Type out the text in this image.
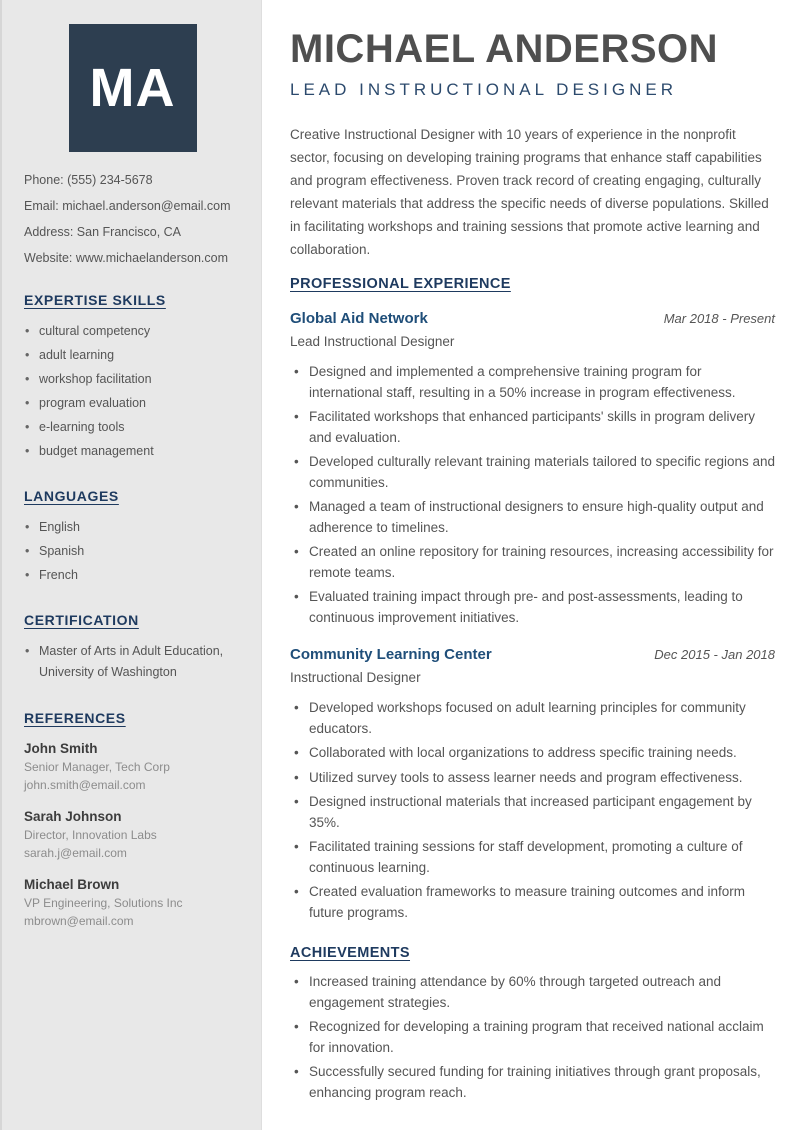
MA

Phone: (555) 234-5678

Email: michael.anderson@email.com

Address: San Francisco, CA

Website: www.michaelanderson.com

EXPERTISE SKILLS
• cultural competency
• adult learning
• workshop facilitation
• program evaluation
• e-learning tools
• budget management
LANGUAGES
• English
• Spanish
• French
CERTIFICATION
• Master of Arts in Adult Education, University of Washington
REFERENCES
John Smith
Senior Manager, Tech Corp
john.smith@email.com
Sarah Johnson
Director, Innovation Labs
sarah.j@email.com
Michael Brown
VP Engineering, Solutions Inc
mbrown@email.com
MICHAEL ANDERSON
LEAD INSTRUCTIONAL DESIGNER

Creative Instructional Designer with 10 years of experience in the nonprofit sector, focusing on developing training programs that enhance staff capabilities and program effectiveness. Proven track record of creating engaging, culturally relevant materials that address the specific needs of diverse populations. Skilled in facilitating workshops and training sessions that promote active learning and collaboration.

PROFESSIONAL EXPERIENCE
Global Aid Network	Mar 2018 - Present
Lead Instructional Designer
• Designed and implemented a comprehensive training program for international staff, resulting in a 50% increase in program effectiveness.
• Facilitated workshops that enhanced participants' skills in program delivery and evaluation.
• Developed culturally relevant training materials tailored to specific regions and communities.
• Managed a team of instructional designers to ensure high-quality output and adherence to timelines.
• Created an online repository for training resources, increasing accessibility for remote teams.
• Evaluated training impact through pre- and post-assessments, leading to continuous improvement initiatives.
Community Learning Center	Dec 2015 - Jan 2018
Instructional Designer
• Developed workshops focused on adult learning principles for community educators.
• Collaborated with local organizations to address specific training needs.
• Utilized survey tools to assess learner needs and program effectiveness.
• Designed instructional materials that increased participant engagement by 35%.
• Facilitated training sessions for staff development, promoting a culture of continuous learning.
• Created evaluation frameworks to measure training outcomes and inform future programs.
ACHIEVEMENTS
• Increased training attendance by 60% through targeted outreach and engagement strategies.
• Recognized for developing a training program that received national acclaim for innovation.
• Successfully secured funding for training initiatives through grant proposals, enhancing program reach.
